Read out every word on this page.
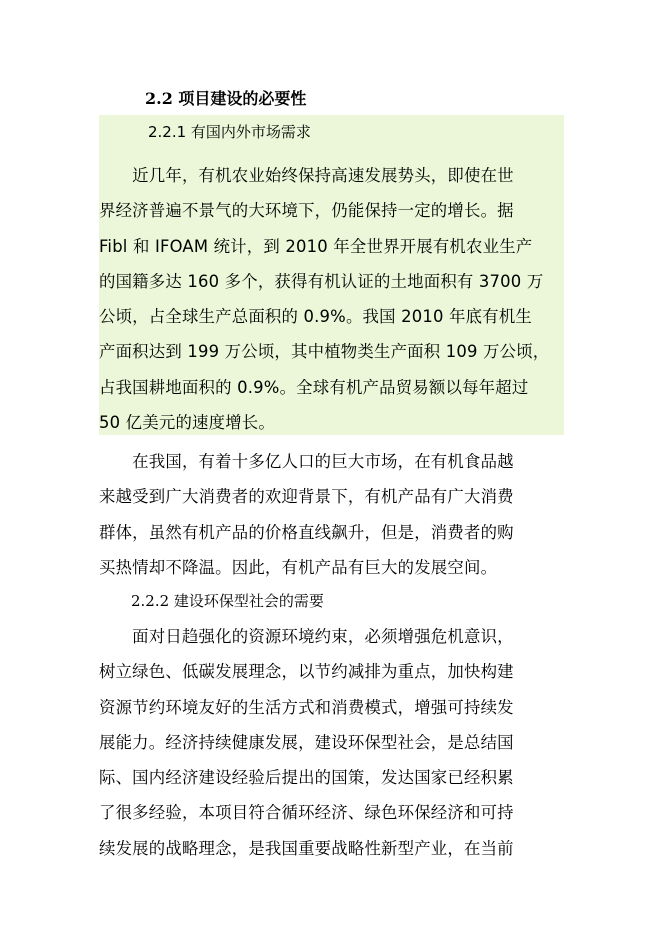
2.2 项目建设的必要性
2.2.1 有国内外市场需求
　　近几年，有机农业始终保持高速发展势头，即使在世
界经济普遍不景气的大环境下，仍能保持一定的增长。据
Fibl 和 IFOAM 统计，到 2010 年全世界开展有机农业生产
的国籍多达 160 多个，获得有机认证的土地面积有 3700 万
公顷，占全球生产总面积的 0.9%。我国 2010 年底有机生
产面积达到 199 万公顷，其中植物类生产面积 109 万公顷，
占我国耕地面积的 0.9%。全球有机产品贸易额以每年超过
50 亿美元的速度增长。
　　在我国，有着十多亿人口的巨大市场，在有机食品越
来越受到广大消费者的欢迎背景下，有机产品有广大消费
群体，虽然有机产品的价格直线飙升，但是，消费者的购
买热情却不降温。因此，有机产品有巨大的发展空间。
2.2.2 建设环保型社会的需要
　　面对日趋强化的资源环境约束，必须增强危机意识，
树立绿色、低碳发展理念，以节约减排为重点，加快构建
资源节约环境友好的生活方式和消费模式，增强可持续发
展能力。经济持续健康发展，建设环保型社会，是总结国
际、国内经济建设经验后提出的国策，发达国家已经积累
了很多经验，本项目符合循环经济、绿色环保经济和可持
续发展的战略理念，是我国重要战略性新型产业，在当前
